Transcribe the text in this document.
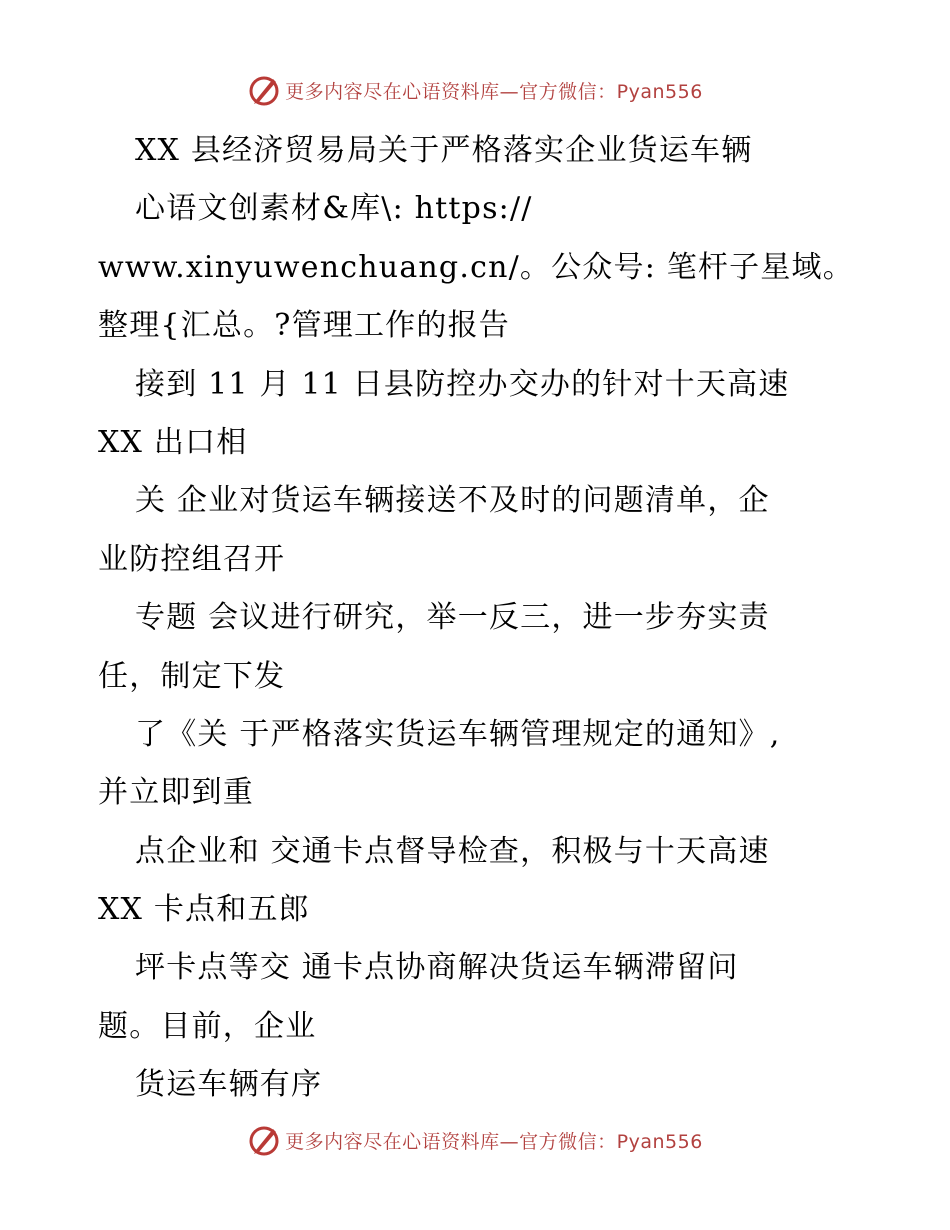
更多内容尽在心语资料库—官方微信：Pyan556
XX 县经济贸易局关于严格落实企业货运车辆
心语文创素材&库\: https://
www.xinyuwenchuang.cn/。公众号: 笔杆子星域。
整理{汇总。?管理工作的报告
接到 11 月 11 日县防控办交办的针对十天高速
XX 出口相
关 企业对货运车辆接送不及时的问题清单，企
业防控组召开
专题 会议进行研究，举一反三，进一步夯实责
任，制定下发
了《关 于严格落实货运车辆管理规定的通知》,
并立即到重
点企业和 交通卡点督导检查，积极与十天高速
XX 卡点和五郎
坪卡点等交 通卡点协商解决货运车辆滞留问
题。目前，企业
货运车辆有序
更多内容尽在心语资料库—官方微信：Pyan556
